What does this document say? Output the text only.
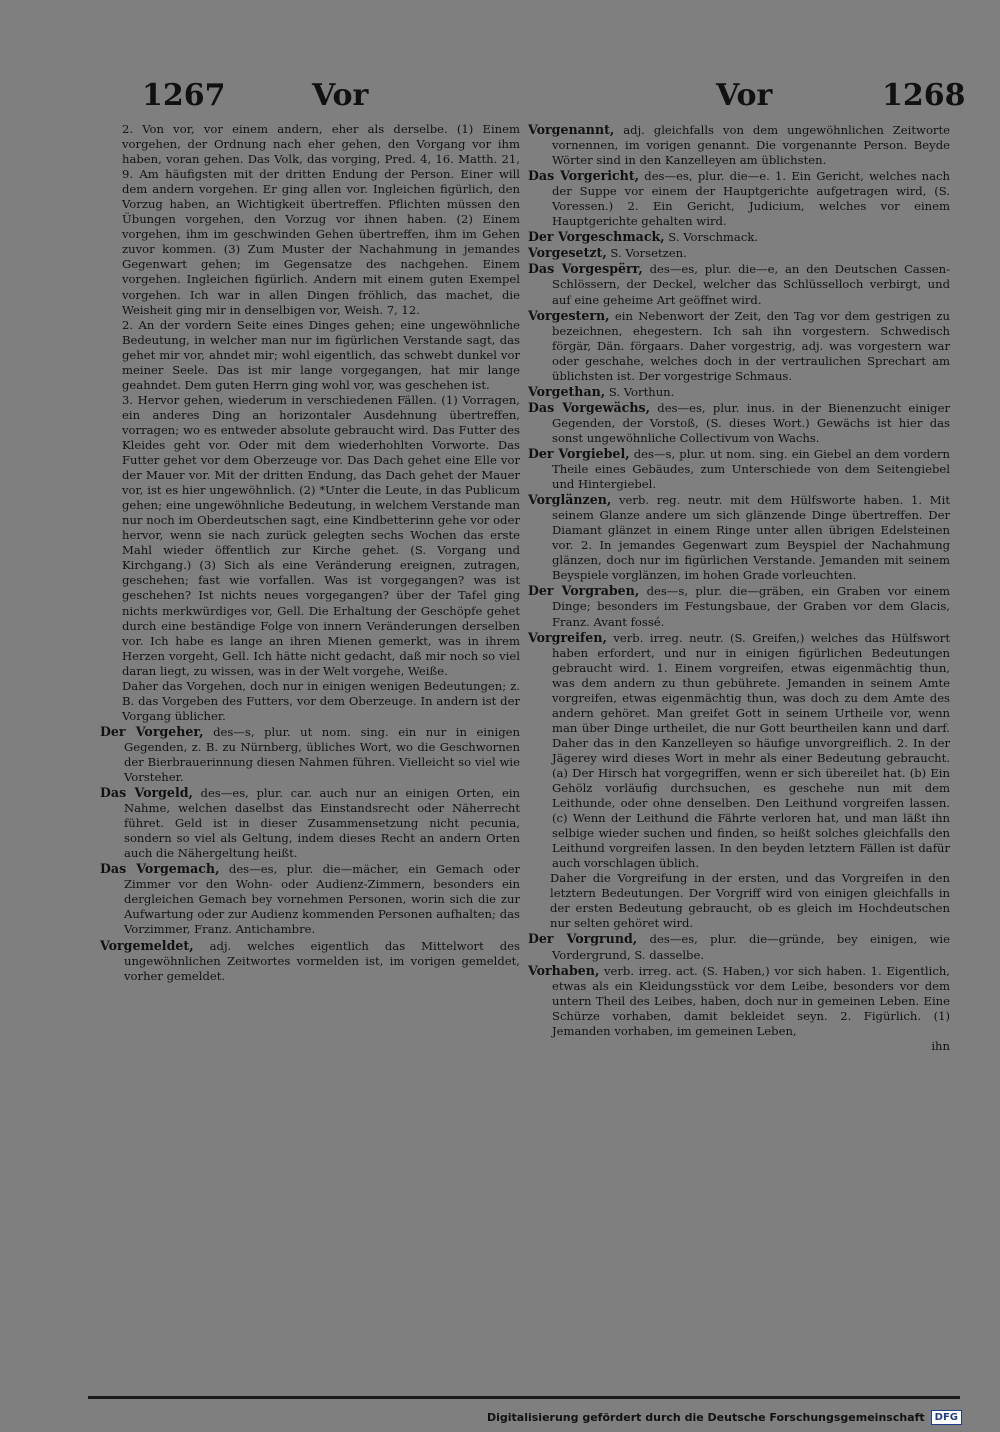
1267	Vor	Vor	1268

2. Von vor, vor einem andern, eher als derselbe. (1) Einem vorgehen, der Ordnung nach eher gehen, den Vorgang vor ihm haben, voran gehen. Das Volk, das vorging, Pred. 4, 16. Matth. 21, 9. Am häufigsten mit der dritten Endung der Person. Einer will dem andern vorgehen. Er ging allen vor. Ingleichen figürlich, den Vorzug haben, an Wichtigkeit übertreffen. Pflichten müssen den Übungen vorgehen, den Vorzug vor ihnen haben. (2) Einem vorgehen, ihm im geschwinden Gehen übertreffen, ihm im Gehen zuvor kommen. (3) Zum Muster der Nachahmung in jemandes Gegenwart gehen; im Gegensatze des nachgehen. Einem vorgehen. Ingleichen figürlich. Andern mit einem guten Exempel vorgehen. Ich war in allen Dingen fröhlich, das machet, die Weisheit ging mir in denselbigen vor, Weish. 7, 12.

2. An der vordern Seite eines Dinges gehen; eine ungewöhnliche Bedeutung, in welcher man nur im figürlichen Verstande sagt, das gehet mir vor, ahndet mir; wohl eigentlich, das schwebt dunkel vor meiner Seele. Das ist mir lange vorgegangen, hat mir lange geahndet. Dem guten Herrn ging wohl vor, was geschehen ist.

3. Hervor gehen, wiederum in verschiedenen Fällen. (1) Vorragen, ein anderes Ding an horizontaler Ausdehnung übertreffen, vorragen; wo es entweder absolute gebraucht wird. Das Futter des Kleides geht vor. Oder mit dem wiederhohlten Vorworte. Das Futter gehet vor dem Oberzeuge vor. Das Dach gehet eine Elle vor der Mauer vor. Mit der dritten Endung, das Dach gehet der Mauer vor, ist es hier ungewöhnlich. (2) *Unter die Leute, in das Publicum gehen; eine ungewöhnliche Bedeutung, in welchem Verstande man nur noch im Oberdeutschen sagt, eine Kindbetterinn gehe vor oder hervor, wenn sie nach zurück gelegten sechs Wochen das erste Mahl wieder öffentlich zur Kirche gehet. (S. Vorgang und Kirchgang.) (3) Sich als eine Veränderung ereignen, zutragen, geschehen; fast wie vorfallen. Was ist vorgegangen? was ist geschehen? Ist nichts neues vorgegangen? über der Tafel ging nichts merkwürdiges vor, Gell. Die Erhaltung der Geschöpfe gehet durch eine beständige Folge von innern Veränderungen derselben vor. Ich habe es lange an ihren Mienen gemerkt, was in ihrem Herzen vorgeht, Gell. Ich hätte nicht gedacht, daß mir noch so viel daran liegt, zu wissen, was in der Welt vorgehe, Weiße.

Daher das Vorgehen, doch nur in einigen wenigen Bedeutungen; z. B. das Vorgeben des Futters, vor dem Oberzeuge. In andern ist der Vorgang üblicher.

Der Vorgeher, des—s, plur. ut nom. sing. ein nur in einigen Gegenden, z. B. zu Nürnberg, übliches Wort, wo die Geschwornen der Bierbrauerinnung diesen Nahmen führen. Vielleicht so viel wie Vorsteher.

Das Vorgeld, des—es, plur. car. auch nur an einigen Orten, ein Nahme, welchen daselbst das Einstandsrecht oder Näherrecht führet. Geld ist in dieser Zusammensetzung nicht pecunia, sondern so viel als Geltung, indem dieses Recht an andern Orten auch die Nähergeltung heißt.

Das Vorgemach, des—es, plur. die—mächer, ein Gemach oder Zimmer vor den Wohn- oder Audienz-Zimmern, besonders ein dergleichen Gemach bey vornehmen Personen, worin sich die zur Aufwartung oder zur Audienz kommenden Personen aufhalten; das Vorzimmer, Franz. Antichambre.

Vorgemeldet, adj. welches eigentlich das Mittelwort des ungewöhnlichen Zeitwortes vormelden ist, im vorigen gemeldet, vorher gemeldet.

Vorgenannt, adj. gleichfalls von dem ungewöhnlichen Zeitworte vornennen, im vorigen genannt. Die vorgenannte Person. Beyde Wörter sind in den Kanzelleyen am üblichsten.

Das Vorgericht, des—es, plur. die—e. 1. Ein Gericht, welches nach der Suppe vor einem der Hauptgerichte aufgetragen wird, (S. Voressen.) 2. Ein Gericht, Judicium, welches vor einem Hauptgerichte gehalten wird.

Der Vorgeschmack, S. Vorschmack.

Vorgesetzt, S. Vorsetzen.

Das Vorgespërr, des—es, plur. die—e, an den Deutschen Cassen- Schlössern, der Deckel, welcher das Schlüsselloch verbirgt, und auf eine geheime Art geöffnet wird.

Vorgestern, ein Nebenwort der Zeit, den Tag vor dem gestrigen zu bezeichnen, ehegestern. Ich sah ihn vorgestern. Schwedisch förgär, Dän. förgaars. Daher vorgestrig, adj. was vorgestern war oder geschahe, welches doch in der vertraulichen Sprechart am üblichsten ist. Der vorgestrige Schmaus.

Vorgethan, S. Vorthun.

Das Vorgewächs, des—es, plur. inus. in der Bienenzucht einiger Gegenden, der Vorstoß, (S. dieses Wort.) Gewächs ist hier das sonst ungewöhnliche Collectivum von Wachs.

Der Vorgiebel, des—s, plur. ut nom. sing. ein Giebel an dem vordern Theile eines Gebäudes, zum Unterschiede von dem Seitengiebel und Hintergiebel.

Vorglänzen, verb. reg. neutr. mit dem Hülfsworte haben. 1. Mit seinem Glanze andere um sich glänzende Dinge übertreffen. Der Diamant glänzet in einem Ringe unter allen übrigen Edelsteinen vor. 2. In jemandes Gegenwart zum Beyspiel der Nachahmung glänzen, doch nur im figürlichen Verstande. Jemanden mit seinem Beyspiele vorglänzen, im hohen Grade vorleuchten.

Der Vorgraben, des—s, plur. die—gräben, ein Graben vor einem Dinge; besonders im Festungsbaue, der Graben vor dem Glacis, Franz. Avant fossé.

Vorgreifen, verb. irreg. neutr. (S. Greifen,) welches das Hülfswort haben erfordert, und nur in einigen figürlichen Bedeutungen gebraucht wird. 1. Einem vorgreifen, etwas eigenmächtig thun, was dem andern zu thun gebührete. Jemanden in seinem Amte vorgreifen, etwas eigenmächtig thun, was doch zu dem Amte des andern gehöret. Man greifet Gott in seinem Urtheile vor, wenn man über Dinge urtheilet, die nur Gott beurtheilen kann und darf. Daher das in den Kanzelleyen so häufige unvorgreiflich. 2. In der Jägerey wird dieses Wort in mehr als einer Bedeutung gebraucht. (a) Der Hirsch hat vorgegriffen, wenn er sich übereilet hat. (b) Ein Gehölz vorläufig durchsuchen, es geschehe nun mit dem Leithunde, oder ohne denselben. Den Leithund vorgreifen lassen. (c) Wenn der Leithund die Fährte verloren hat, und man läßt ihn selbige wieder suchen und finden, so heißt solches gleichfalls den Leithund vorgreifen lassen. In den beyden letztern Fällen ist dafür auch vorschlagen üblich.

Daher die Vorgreifung in der ersten, und das Vorgreifen in den letztern Bedeutungen. Der Vorgriff wird von einigen gleichfalls in der ersten Bedeutung gebraucht, ob es gleich im Hochdeutschen nur selten gehöret wird.

Der Vorgrund, des—es, plur. die—gründe, bey einigen, wie Vordergrund, S. dasselbe.

Vorhaben, verb. irreg. act. (S. Haben,) vor sich haben. 1. Eigentlich, etwas als ein Kleidungsstück vor dem Leibe, besonders vor dem untern Theil des Leibes, haben, doch nur in gemeinen Leben. Eine Schürze vorhaben, damit bekleidet seyn. 2. Figürlich. (1) Jemanden vorhaben, im gemeinen Leben,

ihn

Digitalisierung gefördert durch die Deutsche Forschungsgemeinschaft	DFG
